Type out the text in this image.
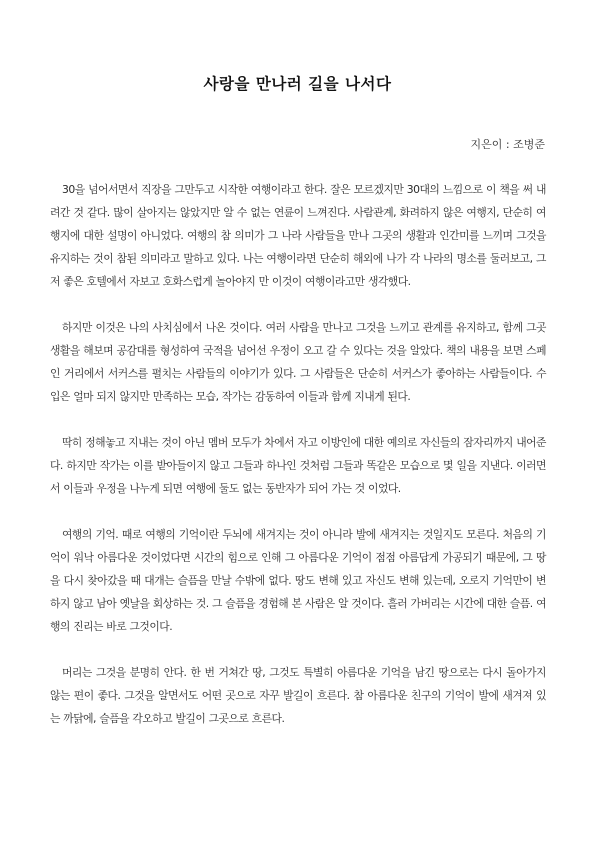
사랑을 만나러 길을 나서다

지은이 : 조병준

30을 넘어서면서 직장을 그만두고 시작한 여행이라고 한다. 잘은 모르겠지만 30대의 느낌으로 이 책을 써 내려간 것 같다. 많이 살아지는 않았지만 알 수 없는 연륜이 느껴진다. 사람관계, 화려하지 않은 여행지, 단순히 여행지에 대한 설명이 아니었다. 여행의 참 의미가 그 나라 사람들을 만나 그곳의 생활과 인간미를 느끼며 그것을 유지하는 것이 참된 의미라고 말하고 있다. 나는 여행이라면 단순히 해외에 나가 각 나라의 명소를 둘러보고, 그저 좋은 호텔에서 자보고 호화스럽게 놀아야지 만 이것이 여행이라고만 생각했다.

하지만 이것은 나의 사치심에서 나온 것이다. 여러 사람을 만나고 그것을 느끼고 관계를 유지하고, 함께 그곳 생활을 해보며 공감대를 형성하여 국적을 넘어선 우정이 오고 갈 수 있다는 것을 알았다. 책의 내용을 보면 스페인 거리에서 서커스를 펼치는 사람들의 이야기가 있다. 그 사람들은 단순히 서커스가 좋아하는 사람들이다. 수입은 얼마 되지 않지만 만족하는 모습, 작가는 감동하여 이들과 함께 지내게 된다.

딱히 정해놓고 지내는 것이 아닌 멤버 모두가 차에서 자고 이방인에 대한 예의로 자신들의 잠자리까지 내어준다. 하지만 작가는 이를 받아들이지 않고 그들과 하나인 것처럼 그들과 똑같은 모습으로 몇 일을 지낸다. 이러면서 이들과 우정을 나누게 되면 여행에 둘도 없는 동반자가 되어 가는 것 이었다.

여행의 기억. 때로 여행의 기억이란 두뇌에 새겨지는 것이 아니라 발에 새겨지는 것일지도 모른다. 처음의 기억이 워낙 아름다운 것이었다면 시간의 힘으로 인해 그 아름다운 기억이 점점 아름답게 가공되기 때문에, 그 땅을 다시 찾아갔을 때 대개는 슬픔을 만날 수밖에 없다. 땅도 변해 있고 자신도 변해 있는데, 오로지 기억만이 변하지 않고 남아 옛날을 회상하는 것. 그 슬픔을 경험해 본 사람은 알 것이다. 흘러 가버리는 시간에 대한 슬픔. 여행의 진리는 바로 그것이다.

머리는 그것을 분명히 안다. 한 번 거쳐간 땅, 그것도 특별히 아름다운 기억을 남긴 땅으로는 다시 돌아가지 않는 편이 좋다. 그것을 알면서도 어떤 곳으로 자꾸 발길이 흐른다. 참 아름다운 친구의 기억이 발에 새겨져 있는 까닭에, 슬픔을 각오하고 발길이 그곳으로 흐른다.
